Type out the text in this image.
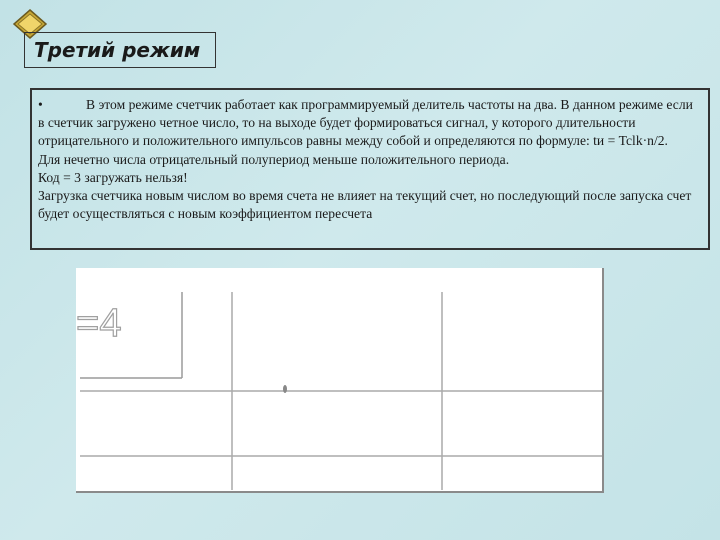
Третий режим

•	В этом режиме счетчик работает как программируемый делитель частоты на два. В данном режиме если в счетчик загружено четное число, то на выходе будет формироваться сигнал, у которого длительности отрицательного и положительного импульсов равны между собой и определяются по формуле: tи = Tclk·n/2.

Для нечетно числа отрицательный полупериод меньше положительного периода.

Код = 3 загружать нельзя!

Загрузка счетчика новым числом во время счета не влияет на текущий счет, но последующий после запуска счет будет осуществляться с новым коэффициентом пересчета

=4
